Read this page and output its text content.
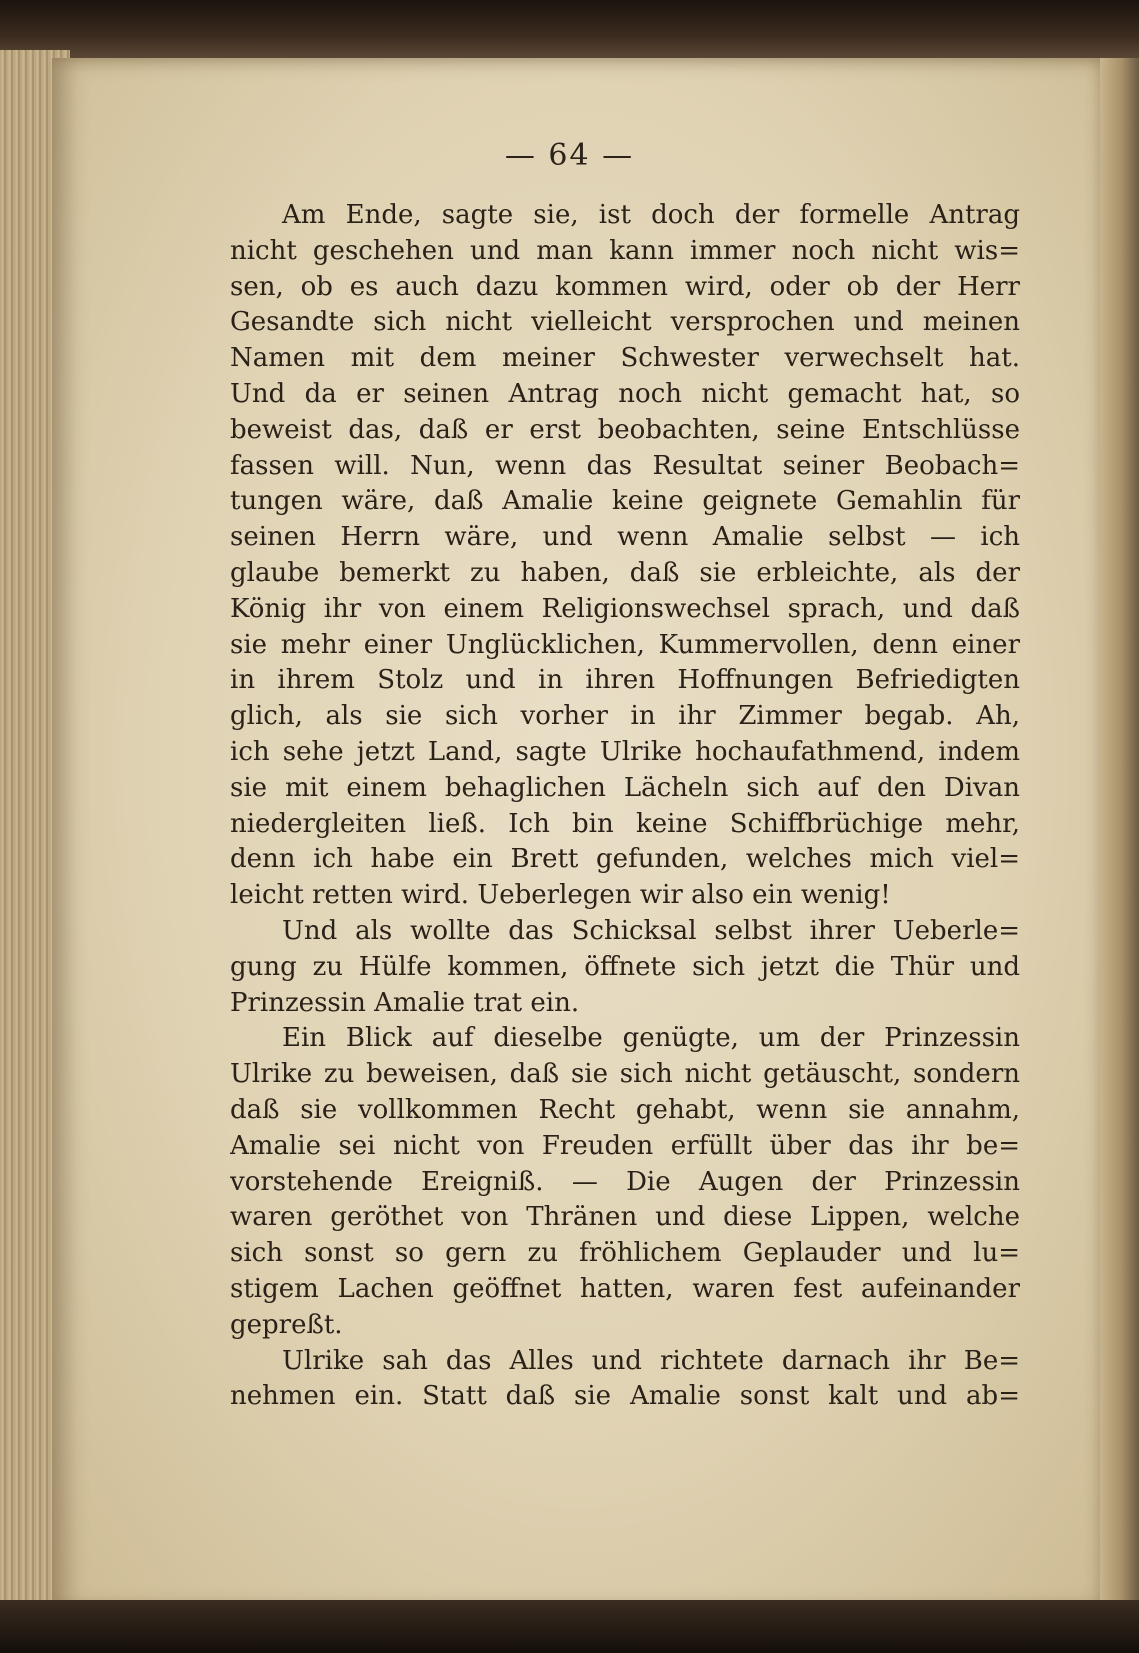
— 64 —
Am Ende, sagte sie, ist doch der formelle Antrag
nicht geschehen und man kann immer noch nicht wis=
sen, ob es auch dazu kommen wird, oder ob der Herr
Gesandte sich nicht vielleicht versprochen und meinen
Namen mit dem meiner Schwester verwechselt hat.
Und da er seinen Antrag noch nicht gemacht hat, so
beweist das, daß er erst beobachten, seine Entschlüsse
fassen will. Nun, wenn das Resultat seiner Beobach=
tungen wäre, daß Amalie keine geignete Gemahlin für
seinen Herrn wäre, und wenn Amalie selbst — ich
glaube bemerkt zu haben, daß sie erbleichte, als der
König ihr von einem Religionswechsel sprach, und daß
sie mehr einer Unglücklichen, Kummervollen, denn einer
in ihrem Stolz und in ihren Hoffnungen Befriedigten
glich, als sie sich vorher in ihr Zimmer begab. Ah,
ich sehe jetzt Land, sagte Ulrike hochaufathmend, indem
sie mit einem behaglichen Lächeln sich auf den Divan
niedergleiten ließ. Ich bin keine Schiffbrüchige mehr,
denn ich habe ein Brett gefunden, welches mich viel=
leicht retten wird. Ueberlegen wir also ein wenig!
Und als wollte das Schicksal selbst ihrer Ueberle=
gung zu Hülfe kommen, öffnete sich jetzt die Thür und
Prinzessin Amalie trat ein.
Ein Blick auf dieselbe genügte, um der Prinzessin
Ulrike zu beweisen, daß sie sich nicht getäuscht, sondern
daß sie vollkommen Recht gehabt, wenn sie annahm,
Amalie sei nicht von Freuden erfüllt über das ihr be=
vorstehende Ereigniß. — Die Augen der Prinzessin
waren geröthet von Thränen und diese Lippen, welche
sich sonst so gern zu fröhlichem Geplauder und lu=
stigem Lachen geöffnet hatten, waren fest aufeinander
gepreßt.
Ulrike sah das Alles und richtete darnach ihr Be=
nehmen ein. Statt daß sie Amalie sonst kalt und ab=
